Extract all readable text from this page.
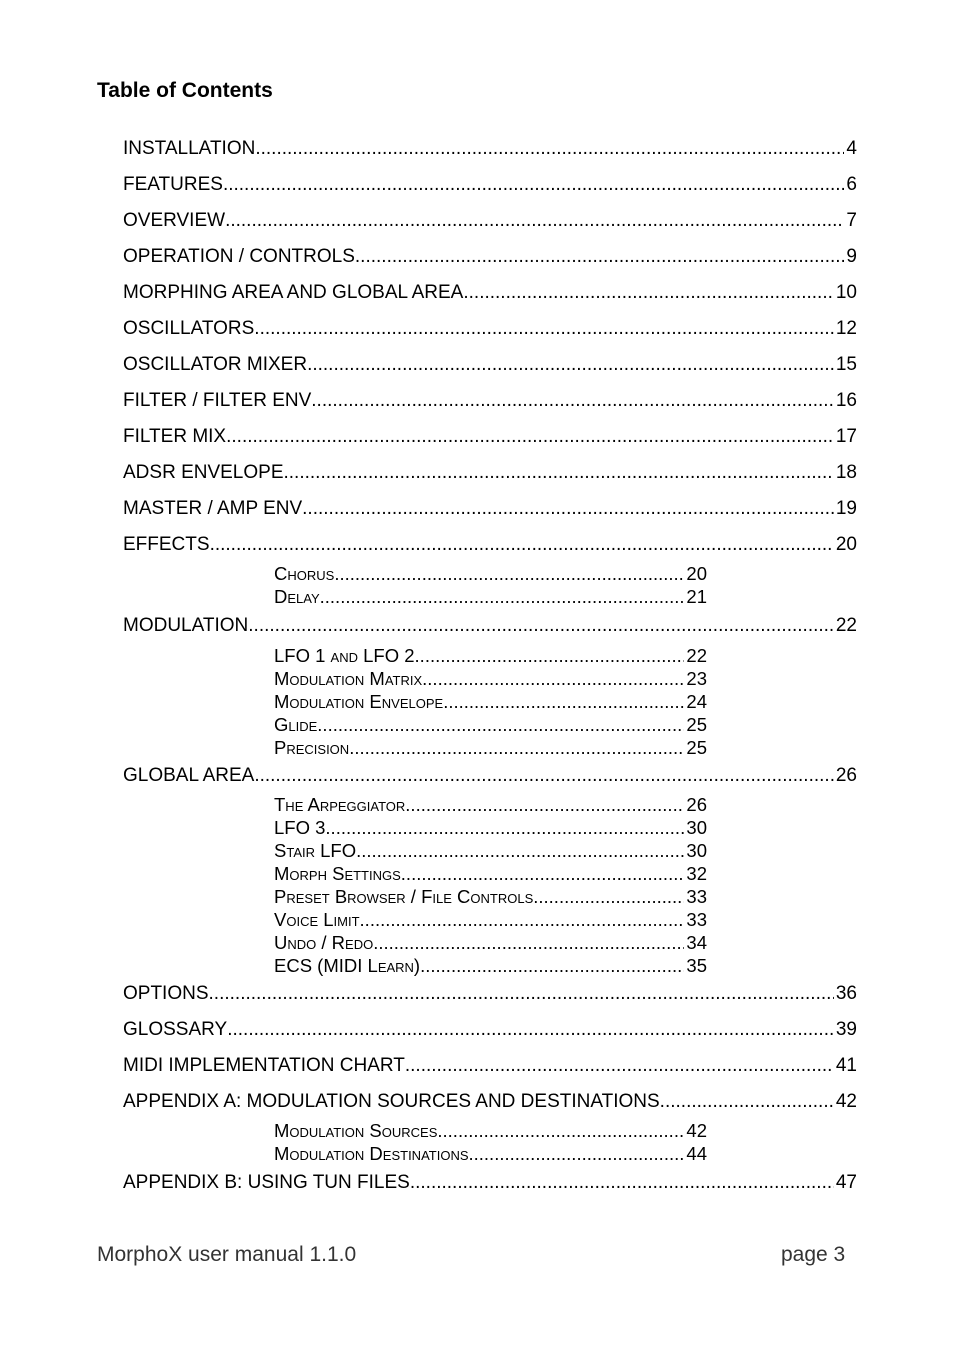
Table of Contents
INSTALLATION .....	4
FEATURES .....	6
OVERVIEW .....	7
OPERATION / CONTROLS .....	9
MORPHING AREA AND GLOBAL AREA .....	10
OSCILLATORS .....	12
OSCILLATOR MIXER .....	15
FILTER / FILTER ENV .....	16
FILTER MIX .....	17
ADSR ENVELOPE .....	18
MASTER / AMP ENV .....	19
EFFECTS .....	20
Chorus .....	20
Delay .....	21
MODULATION .....	22
LFO 1 and LFO 2 .....	22
Modulation Matrix .....	23
Modulation Envelope .....	24
Glide .....	25
Precision .....	25
GLOBAL AREA .....	26
The Arpeggiator .....	26
LFO 3 .....	30
Stair LFO .....	30
Morph Settings .....	32
Preset Browser / File Controls .....	33
Voice Limit .....	33
Undo / Redo .....	34
ECS (MIDI Learn) .....	35
OPTIONS .....	36
GLOSSARY .....	39
MIDI IMPLEMENTATION CHART .....	41
APPENDIX A: MODULATION SOURCES AND DESTINATIONS .....	42
Modulation Sources .....	42
Modulation Destinations .....	44
APPENDIX B: USING TUN FILES .....	47
MorphoX user manual 1.1.0	page 3
